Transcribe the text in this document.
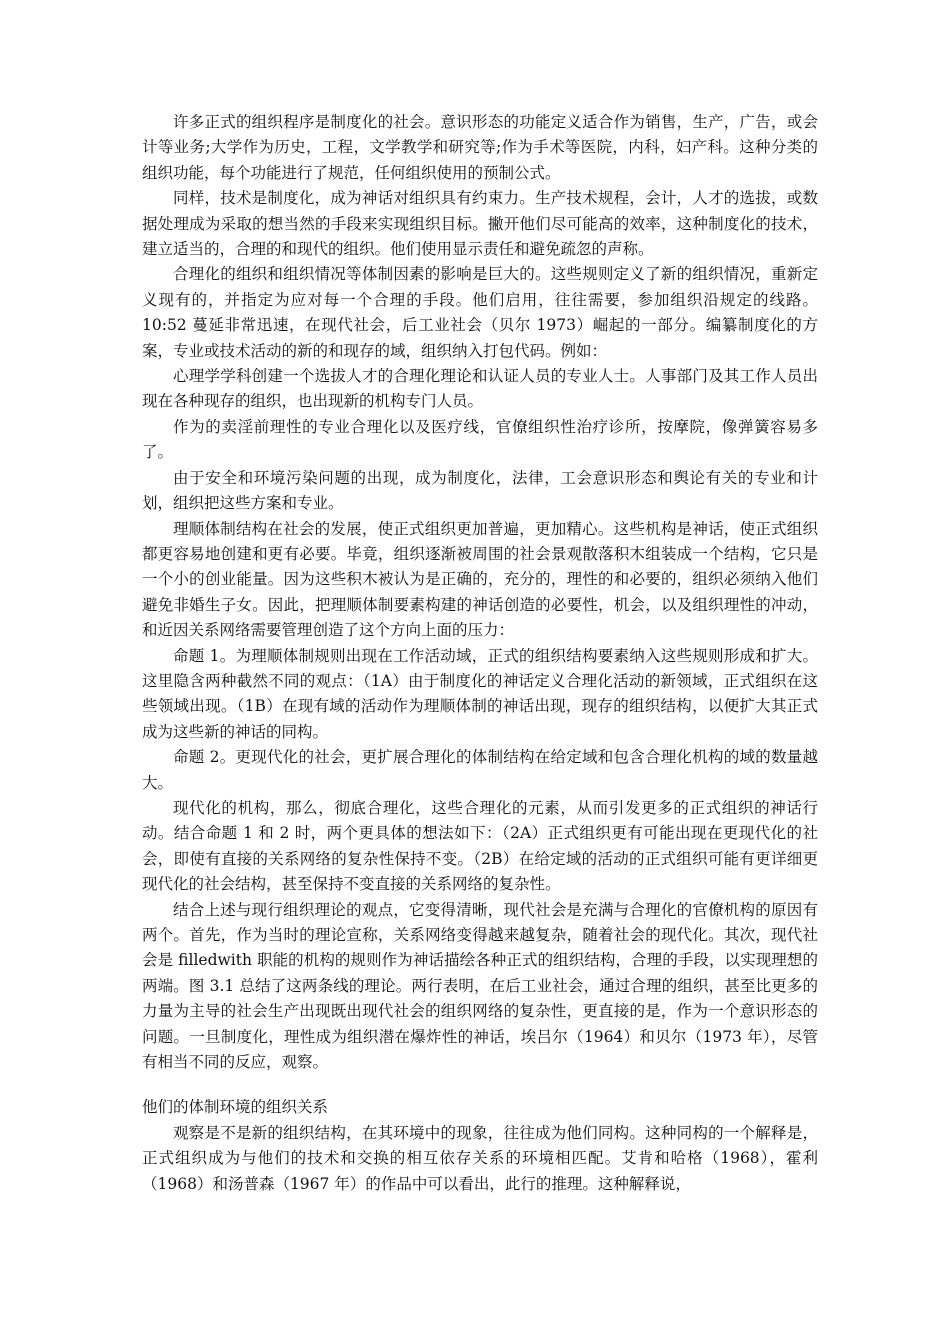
许多正式的组织程序是制度化的社会。意识形态的功能定义适合作为销售，生产，广告，或会计等业务;大学作为历史，工程，文学教学和研究等;作为手术等医院，内科，妇产科。这种分类的组织功能，每个功能进行了规范，任何组织使用的预制公式。

同样，技术是制度化，成为神话对组织具有约束力。生产技术规程，会计，人才的选拔，或数据处理成为采取的想当然的手段来实现组织目标。撇开他们尽可能高的效率，这种制度化的技术，建立适当的，合理的和现代的组织。他们使用显示责任和避免疏忽的声称。

合理化的组织和组织情况等体制因素的影响是巨大的。这些规则定义了新的组织情况，重新定义现有的，并指定为应对每一个合理的手段。他们启用，往往需要，参加组织沿规定的线路。10:52 蔓延非常迅速，在现代社会，后工业社会（贝尔 1973）崛起的一部分。编纂制度化的方案，专业或技术活动的新的和现存的域，组织纳入打包代码。例如：

心理学学科创建一个选拔人才的合理化理论和认证人员的专业人士。人事部门及其工作人员出现在各种现存的组织，也出现新的机构专门人员。

作为的卖淫前理性的专业合理化以及医疗线，官僚组织性治疗诊所，按摩院，像弹簧容易多了。

由于安全和环境污染问题的出现，成为制度化，法律，工会意识形态和舆论有关的专业和计划，组织把这些方案和专业。

理顺体制结构在社会的发展，使正式组织更加普遍，更加精心。这些机构是神话，使正式组织都更容易地创建和更有必要。毕竟，组织逐渐被周围的社会景观散落积木组装成一个结构，它只是一个小的创业能量。因为这些积木被认为是正确的，充分的，理性的和必要的，组织必须纳入他们避免非婚生子女。因此，把理顺体制要素构建的神话创造的必要性，机会，以及组织理性的冲动，和近因关系网络需要管理创造了这个方向上面的压力：

命题 1。为理顺体制规则出现在工作活动域，正式的组织结构要素纳入这些规则形成和扩大。这里隐含两种截然不同的观点：（1A）由于制度化的神话定义合理化活动的新领域，正式组织在这些领域出现。（1B）在现有域的活动作为理顺体制的神话出现，现存的组织结构，以便扩大其正式成为这些新的神话的同构。

命题 2。更现代化的社会，更扩展合理化的体制结构在给定域和包含合理化机构的域的数量越大。

现代化的机构，那么，彻底合理化，这些合理化的元素，从而引发更多的正式组织的神话行动。结合命题 1 和 2 时，两个更具体的想法如下：（2A）正式组织更有可能出现在更现代化的社会，即使有直接的关系网络的复杂性保持不变。（2B）在给定域的活动的正式组织可能有更详细更现代化的社会结构，甚至保持不变直接的关系网络的复杂性。

结合上述与现行组织理论的观点，它变得清晰，现代社会是充满与合理化的官僚机构的原因有两个。首先，作为当时的理论宣称，关系网络变得越来越复杂，随着社会的现代化。其次，现代社会是 filledwith 职能的机构的规则作为神话描绘各种正式的组织结构，合理的手段，以实现理想的两端。图 3.1 总结了这两条线的理论。两行表明，在后工业社会，通过合理的组织，甚至比更多的力量为主导的社会生产出现既出现代社会的组织网络的复杂性，更直接的是，作为一个意识形态的问题。一旦制度化，理性成为组织潜在爆炸性的神话，埃吕尔（1964）和贝尔（1973 年），尽管有相当不同的反应，观察。

他们的体制环境的组织关系

观察是不是新的组织结构，在其环境中的现象，往往成为他们同构。这种同构的一个解释是，正式组织成为与他们的技术和交换的相互依存关系的环境相匹配。艾肯和哈格（1968），霍利（1968）和汤普森（1967 年）的作品中可以看出，此行的推理。这种解释说，
